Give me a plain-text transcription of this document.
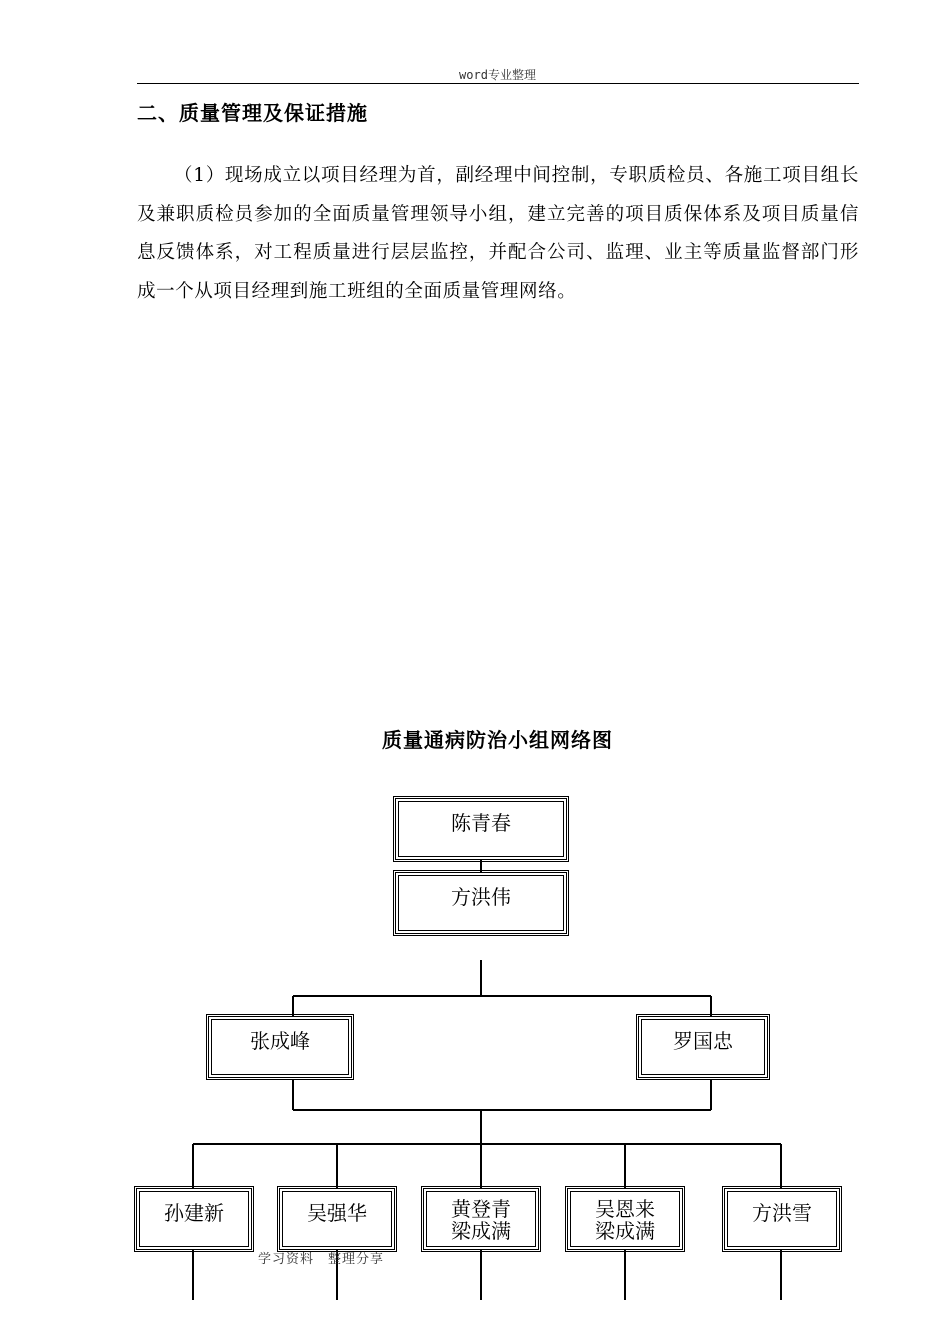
word专业整理
二、质量管理及保证措施
（1）现场成立以项目经理为首，副经理中间控制，专职质检员、各施工项目组长及兼职质检员参加的全面质量管理领导小组，建立完善的项目质保体系及项目质量信息反馈体系，对工程质量进行层层监控，并配合公司、监理、业主等质量监督部门形成一个从项目经理到施工班组的全面质量管理网络。
质量通病防治小组网络图
陈青春
方洪伟
张成峰	罗国忠
孙建新	吴强华	黄登青
梁成满
吴恩来
梁成满
方洪雪
学习资料　整理分享
